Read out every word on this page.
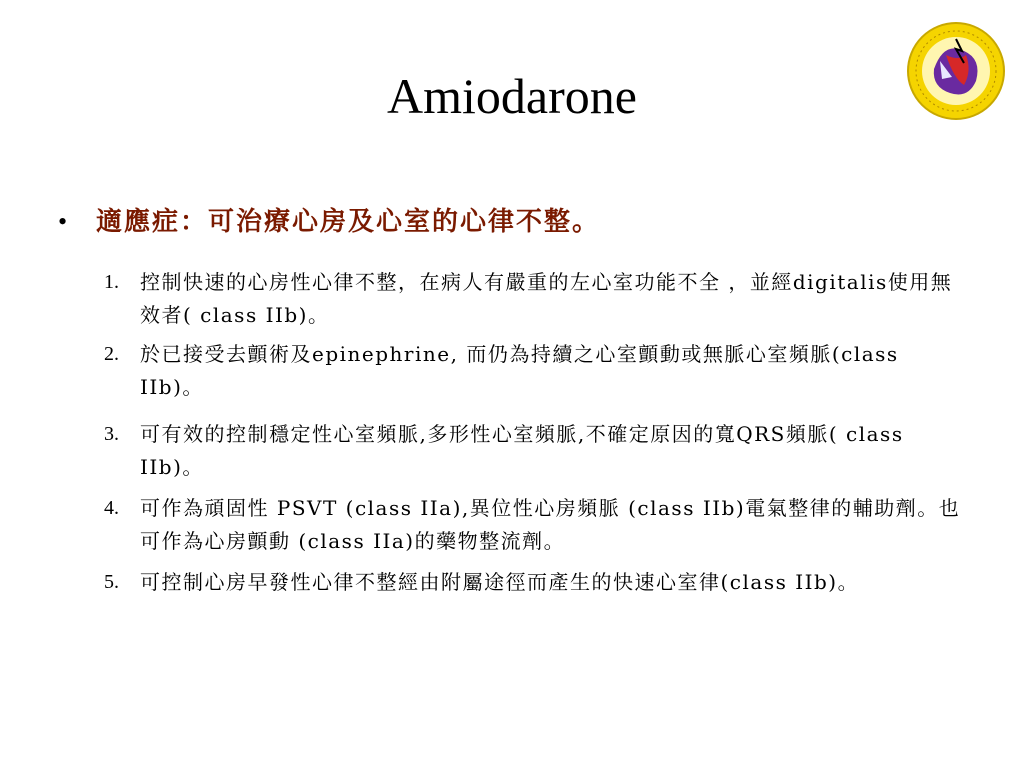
Amiodarone
• 適應症：可治療心房及心室的心律不整。
1. 控制快速的心房性心律不整，在病人有嚴重的左心室功能不全 ，並經digitalis使用無效者( class IIb)。
2. 於已接受去顫術及epinephrine, 而仍為持續之心室顫動或無脈心室頻脈(class IIb)。
3. 可有效的控制穩定性心室頻脈,多形性心室頻脈,不確定原因的寬QRS頻脈( class IIb)。
4. 可作為頑固性 PSVT (class IIa),異位性心房頻脈 (class IIb)電氣整律的輔助劑。也可作為心房顫動 (class IIa)的藥物整流劑。
5. 可控制心房早發性心律不整經由附屬途徑而產生的快速心室律(class IIb)。
